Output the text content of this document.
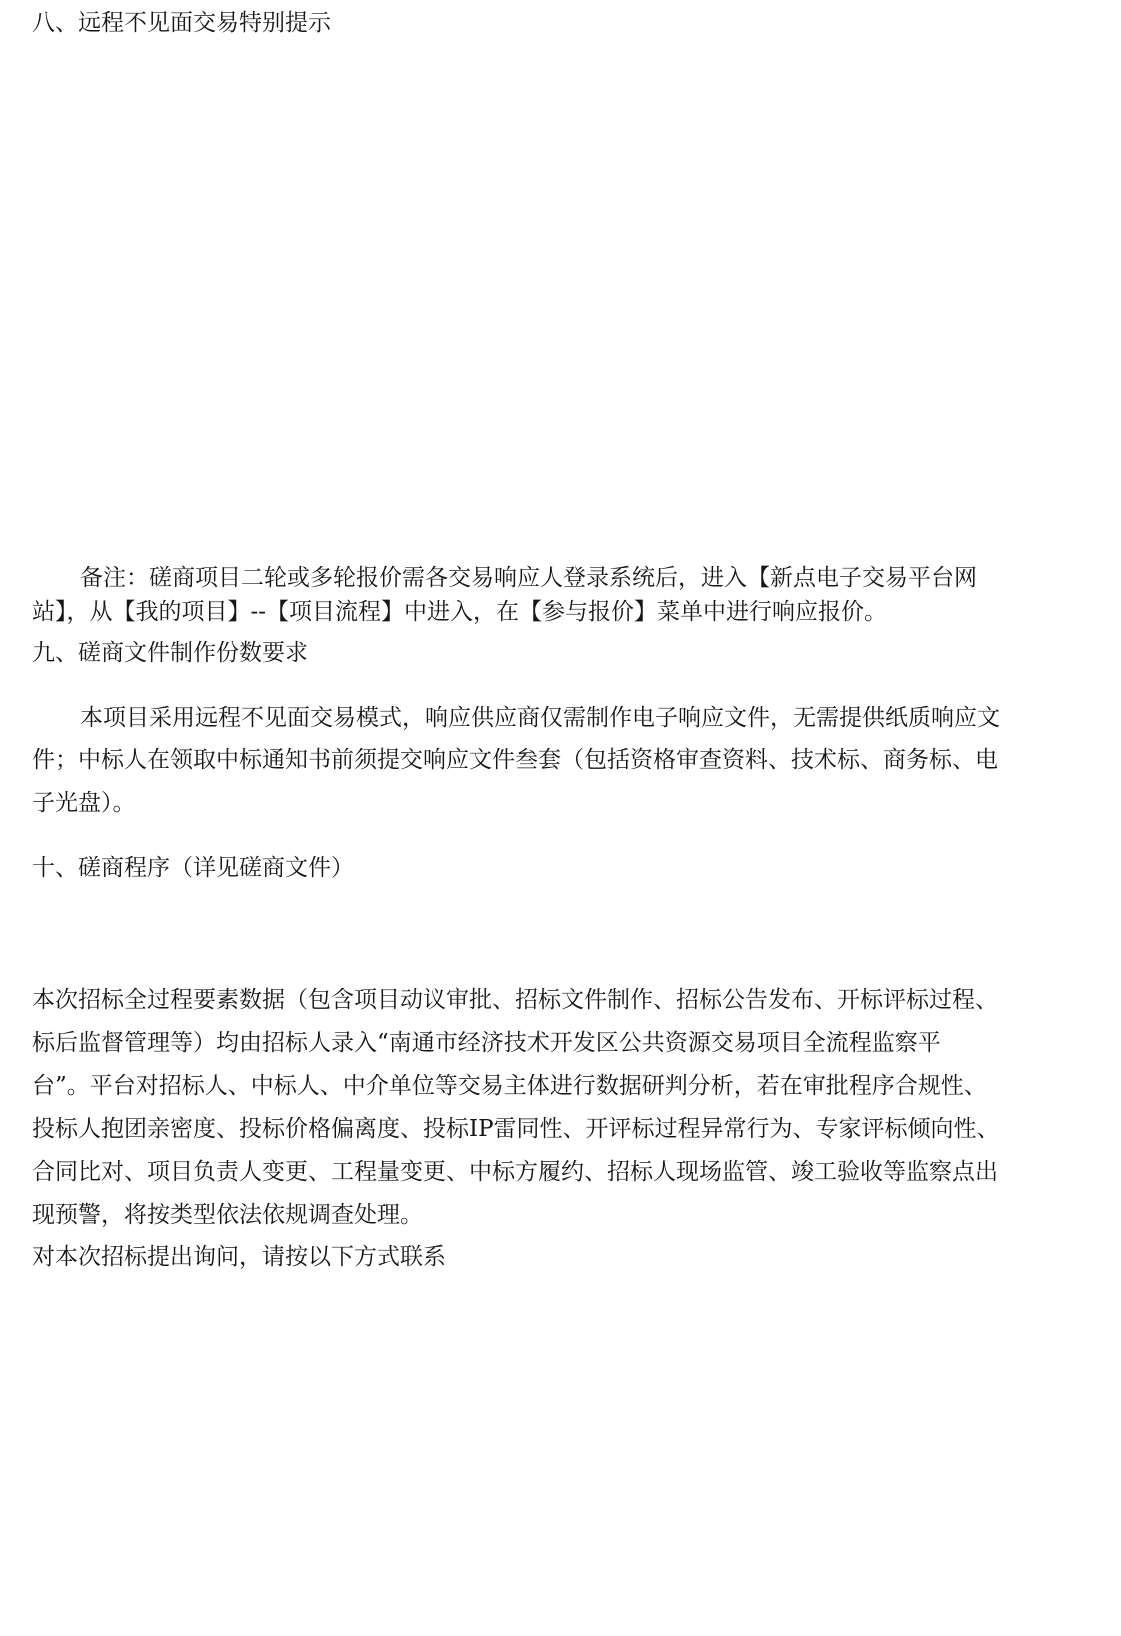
八、远程不见面交易特别提示

备注：磋商项目二轮或多轮报价需各交易响应人登录系统后，进入【新点电子交易平台网

站】，从【我的项目】--【项目流程】中进入，在【参与报价】菜单中进行响应报价。

九、磋商文件制作份数要求

本项目采用远程不见面交易模式，响应供应商仅需制作电子响应文件，无需提供纸质响应文

件；中标人在领取中标通知书前须提交响应文件叁套（包括资格审查资料、技术标、商务标、电

子光盘）。

十、磋商程序（详见磋商文件）

本次招标全过程要素数据（包含项目动议审批、招标文件制作、招标公告发布、开标评标过程、

标后监督管理等）均由招标人录入“南通市经济技术开发区公共资源交易项目全流程监察平

台”。平台对招标人、中标人、中介单位等交易主体进行数据研判分析，若在审批程序合规性、

投标人抱团亲密度、投标价格偏离度、投标IP雷同性、开评标过程异常行为、专家评标倾向性、

合同比对、项目负责人变更、工程量变更、中标方履约、招标人现场监管、竣工验收等监察点出

现预警，将按类型依法依规调查处理。

对本次招标提出询问，请按以下方式联系
